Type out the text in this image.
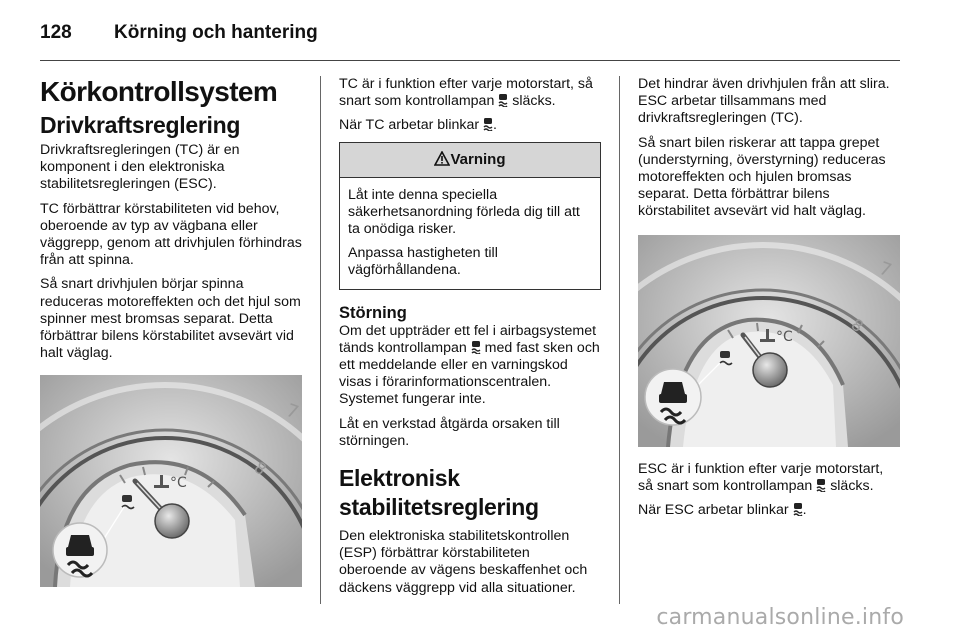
128 Körning och hantering
Körkontrollsystem
Drivkraftsreglering

Drivkraftsregleringen (TC) är en komponent i den elektroniska stabilitetsregleringen (ESC).

TC förbättrar körstabiliteten vid behov, oberoende av typ av vägbana eller väggrepp, genom att drivhjulen förhindras från att spinna.

Så snart drivhjulen börjar spinna reduceras motoreffekten och det hjul som spinner mest bromsas separat. Detta förbättrar bilens körstabilitet avsevärt vid halt väglag.

7
8
°C

TC är i funktion efter varje motorstart, så snart som kontrollampan släcks.

När TC arbetar blinkar .

Varning

Låt inte denna speciella säkerhetsanordning förleda dig till att ta onödiga risker.

Anpassa hastigheten till vägförhållandena.

Störning

Om det uppträder ett fel i airbagsystemet tänds kontrollampan med fast sken och ett meddelande eller en varningskod visas i förarinformationscentralen. Systemet fungerar inte.

Låt en verkstad åtgärda orsaken till störningen.

Elektronisk stabilitetsreglering

Den elektroniska stabilitetskontrollen (ESP) förbättrar körstabiliteten oberoende av vägens beskaffenhet och däckens väggrepp vid alla situationer.

Det hindrar även drivhjulen från att slira. ESC arbetar tillsammans med drivkraftsregleringen (TC).

Så snart bilen riskerar att tappa grepet (understyrning, överstyrning) reduceras motoreffekten och hjulen bromsas separat. Detta förbättrar bilens körstabilitet avsevärt vid halt väglag.

7
8
°C

ESC är i funktion efter varje motorstart, så snart som kontrollampan släcks.

När ESC arbetar blinkar .

carmanualsonline.info
